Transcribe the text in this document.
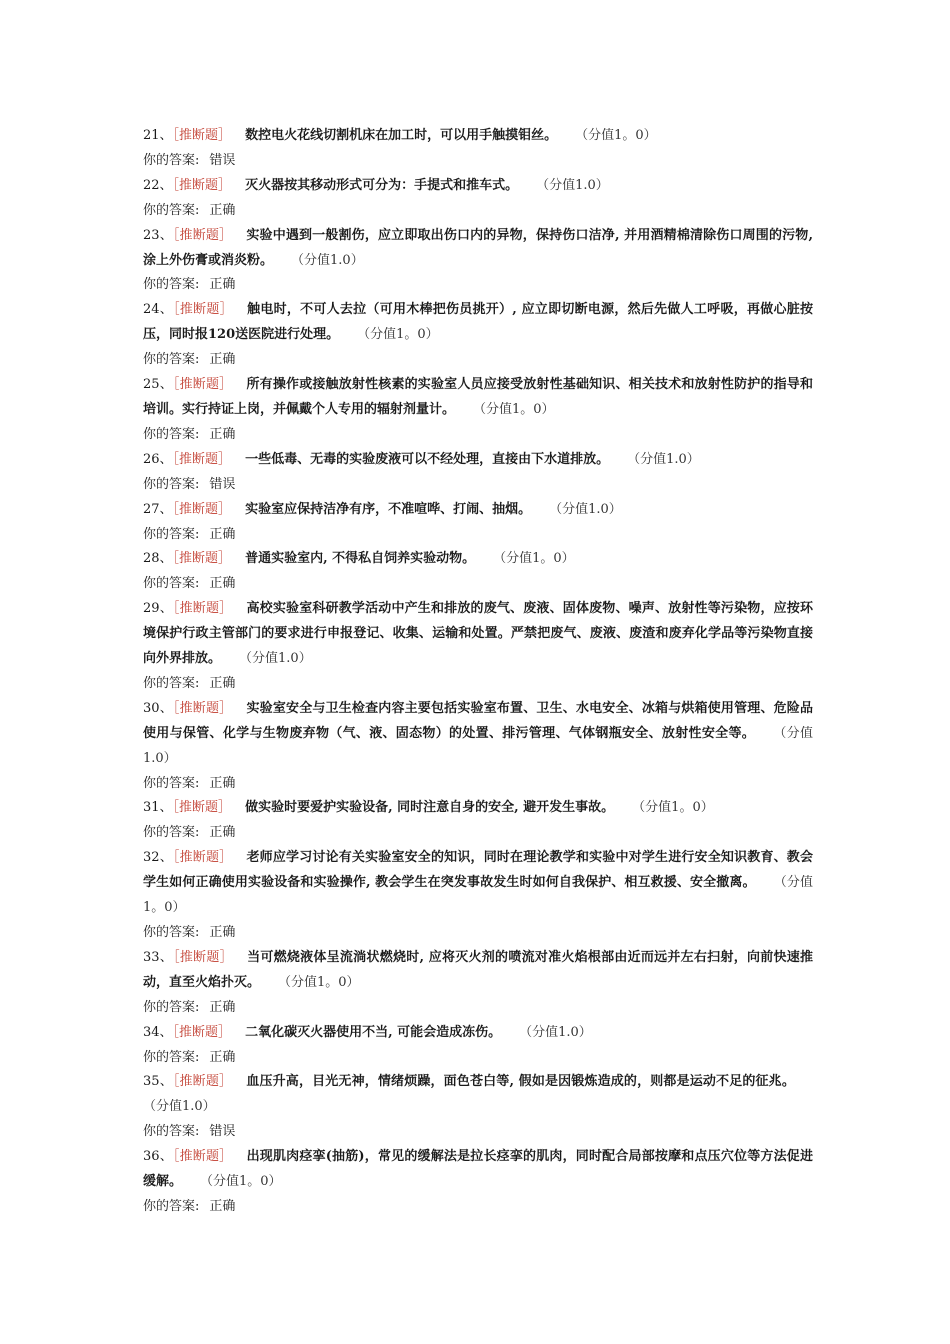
21、［推断题］ 数控电火花线切割机床在加工时，可以用手触摸钼丝。 （分值1。0）

你的答案: 错误

22、［推断题］ 灭火器按其移动形式可分为：手提式和推车式。 （分值1.0）

你的答案: 正确

23、［推断题］ 实验中遇到一般割伤，应立即取出伤口内的异物，保持伤口洁净, 并用酒精棉清除伤口周围的污物, 涂上外伤膏或消炎粉。 （分值1.0）

你的答案: 正确

24、［推断题］ 触电时，不可人去拉（可用木棒把伤员挑开）, 应立即切断电源，然后先做人工呼吸，再做心脏按压，同时报120送医院进行处理。 （分值1。0）

你的答案: 正确

25、［推断题］ 所有操作或接触放射性核素的实验室人员应接受放射性基础知识、相关技术和放射性防护的指导和培训。实行持证上岗，并佩戴个人专用的辐射剂量计。 （分值1。0）

你的答案: 正确

26、［推断题］ 一些低毒、无毒的实验废液可以不经处理，直接由下水道排放。 （分值1.0）

你的答案: 错误

27、［推断题］ 实验室应保持洁净有序，不准喧哗、打闹、抽烟。 （分值1.0）

你的答案: 正确

28、［推断题］ 普通实验室内, 不得私自饲养实验动物。 （分值1。0）

你的答案: 正确

29、［推断题］ 高校实验室科研教学活动中产生和排放的废气、废液、固体废物、噪声、放射性等污染物，应按环境保护行政主管部门的要求进行申报登记、收集、运输和处置。严禁把废气、废液、废渣和废弃化学品等污染物直接向外界排放。 （分值1.0）

你的答案: 正确

30、［推断题］ 实验室安全与卫生检查内容主要包括实验室布置、卫生、水电安全、冰箱与烘箱使用管理、危险品使用与保管、化学与生物废弃物（气、液、固态物）的处置、排污管理、气体钢瓶安全、放射性安全等。 （分值1.0）

你的答案: 正确

31、［推断题］ 做实验时要爱护实验设备, 同时注意自身的安全, 避开发生事故。 （分值1。0）

你的答案: 正确

32、［推断题］ 老师应学习讨论有关实验室安全的知识，同时在理论教学和实验中对学生进行安全知识教育、教会学生如何正确使用实验设备和实验操作, 教会学生在突发事故发生时如何自我保护、相互救援、安全撤离。 （分值1。0）

你的答案: 正确

33、［推断题］ 当可燃烧液体呈流淌状燃烧时, 应将灭火剂的喷流对准火焰根部由近而远并左右扫射，向前快速推动，直至火焰扑灭。 （分值1。0）

你的答案: 正确

34、［推断题］ 二氧化碳灭火器使用不当, 可能会造成冻伤。 （分值1.0）

你的答案: 正确

35、［推断题］ 血压升高，目光无神，情绪烦躁，面色苍白等, 假如是因锻炼造成的，则都是运动不足的征兆。（分值1.0）

你的答案: 错误

36、［推断题］ 出现肌肉痉挛(抽筋)，常见的缓解法是拉长痉挛的肌肉，同时配合局部按摩和点压穴位等方法促进缓解。 （分值1。0）

你的答案: 正确
